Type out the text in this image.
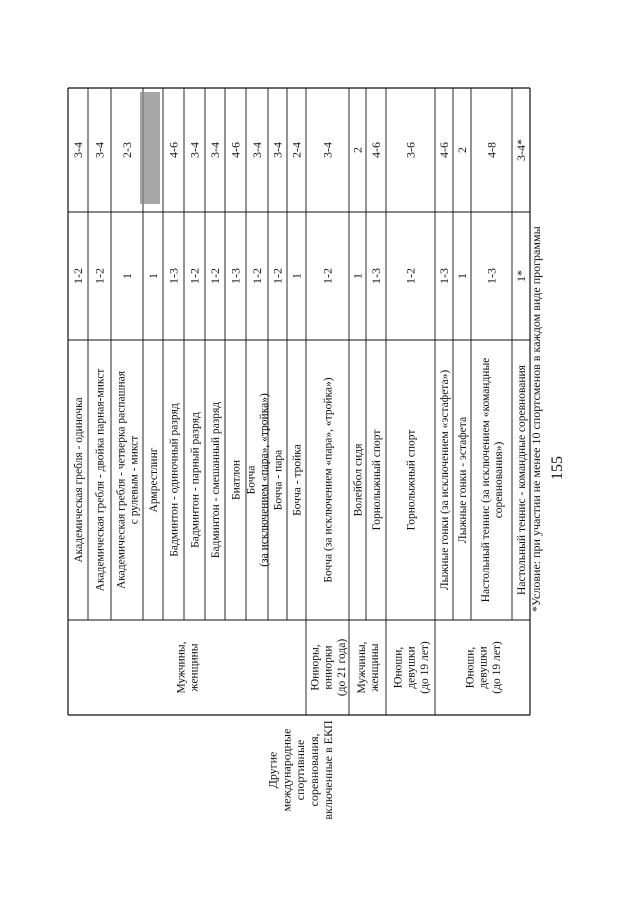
Академическая гребля - одиночка
1-2
3-4
Академическая гребля - двойка парная-микст
1-2
3-4
Академическая гребля - четверка распашная с рулевым - микст
1
2-3
Армрестлинг
1
Бадминтон - одиночный разряд
1-3
4-6
Бадминтон - парный разряд
1-2
3-4
Бадминтон - смешанный разряд
1-2
3-4
Биатлон
1-3
4-6
Бочча (за исключением «пара», «тройка»)
1-2
3-4
Бочча - пара
1-2
3-4
Бочча - тройка
1
2-4
Бочча (за исключением «пара», «тройка»)
1-2
3-4
Волейбол сидя
1
2
Горнолыжный спорт
1-3
4-6
Горнолыжный спорт
1-2
3-6
Лыжные гонки (за исключением «эстафета»)
1-3
4-6
Лыжные гонки - эстафета
1
2
Настольный теннис (за исключением «командные соревнования»)
1-3
4-8
Настольный теннис - командные соревнования
1*
3-4*
Мужчины, женщины	Юниоры, юниорки (до 21 года) Мужчины, женщины Юноши, девушки (до 19 лет)	Юноши, девушки (до 19 лет)
Другие международные спортивные соревнования, включенные в ЕКП
155
*Условие: при участии не менее 10 спортсменов в каждом виде программы
